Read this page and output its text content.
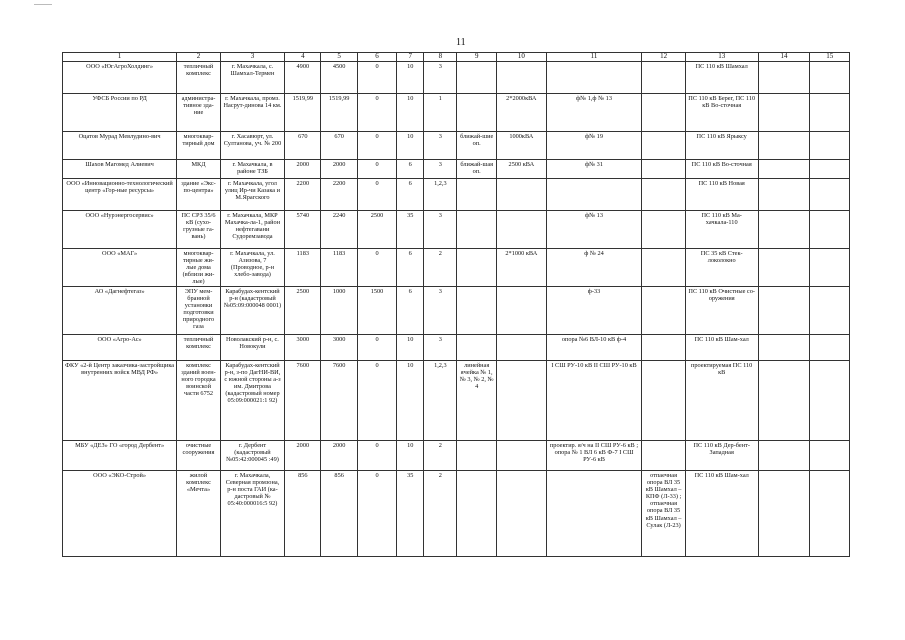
11
1	2	3	4	5	6	7	8	9	10	11	12	13	14	15
ООО «ЮгАгроХолдинг»	тепличный комплекс	г. Махачкала, с. Шамхал-Термен	4900	4500	0	10	3					ПС 110 кВ Шамхал		
УФСБ России по РД	администра-тивное зда-ние	г. Махачкала, промз. Насрут-динова 14 км.	1519,99	1519,99	0	10	1		2*2000кВА	ф№ 1,ф № 13		ПС 110 кВ Берег, ПС 110 кВ Во-сточная		
Оцатов Мурад Мевлудино-вич	многоквар-тирный дом	г. Хасавюрт, ул. Султанова, уч. № 200	670	670	0	10	3	ближай-шие оп.	1000кВА	ф№ 19		ПС 110 кВ Ярыксу		
Шахов Магомед Алиевич	МКД	г. Махачкала, в районе ТЗБ	2000	2000	0	6	3	ближай-шая оп.	2500 кВА	ф№ 31		ПС 110 кВ Во-сточная		
ООО «Инновационно-технологический центр «Гор-ные ресурсы»	здание «Экс-по-центра»	г. Махачкала, угол улиц Ир-чи Казака и М.Ярагского	2200	2200	0	6	1,2,3					ПС 110 кВ Новая		
ООО «Нурэнергосервис»	ПС СРЗ 35/6 кВ (сухо-грузные га-вань)	г. Махачкала, МКР Махачка-ла-1, район нефтегавани Судоремзавода	5740	2240	2500	35	3			ф№ 13		ПС 110 кВ Ма-хачкала-110		
ООО «МАГ»	многоквар-тирные жи-лые дома (вблизи жи-лые)	г. Махачкала, ул. Азизова, 7 (Проводное, р-н хлебо-завода)	1183	1183	0	6	2		2*1000 кВА	ф № 24		ПС 35 кВ Стек-локолокно		
АО «Дагнефтегаз»	ЭПУ мем-бранной установки подготовки природного газа	Карабудах-кентский р-н (кадастровый №05:09:000048 0001)	2500	1000	1500	6	3			ф-33		ПС 110 кВ Очистные со-оружения		
ООО «Агро-Ас»	тепличный комплекс	Новолакский р-н, с. Новокули	3000	3000	0	10	3			опора №6 ВЛ-10 кВ ф-4		ПС 110 кВ Шам-хал		
ФКУ «2-й Центр заказчика-застройщика внутренних войск МВД РФ»	комплекс зданий воен-ного городка воинской части 6752	Карабудах-кентский р-н, з-по ДагНИ-ВИ, с южной стороны а-з им. Дмитрова (кадастровый номер 05:09:000021:1 92)	7600	7600	0	10	1,2,3	линейная ячейка № 1, № 3, № 2, № 4		I СШ РУ-10 кВ II СШ РУ-10 кВ		проектируемая ПС 110 кВ		
МБУ «ДЕЗ» ГО «город Дербент»	очистные сооружения	г. Дербент (кадастровый №05:42:000045 :49)	2000	2000	0	10	2			проектир. я/ч на II СШ РУ-6 кВ ; опора № 1 ВЛ 6 кВ Ф-7 I СШ РУ-6 кВ		ПС 110 кВ Дер-бент-Западная		
ООО «ЭКО-Строй»	жилой комплекс «Мечта»	г. Махачкала, Северная промзона, р-н поста ГАИ (ка-дастровый № 05:40:000016:5 92)	856	856	0	35	2				отпаечная опора ВЛ 35 кВ Шамхал – КПФ (Л-33) ; отпаечная опора ВЛ 35 кВ Шамхал – Сулак (Л-23)	ПС 110 кВ Шам-хал		
